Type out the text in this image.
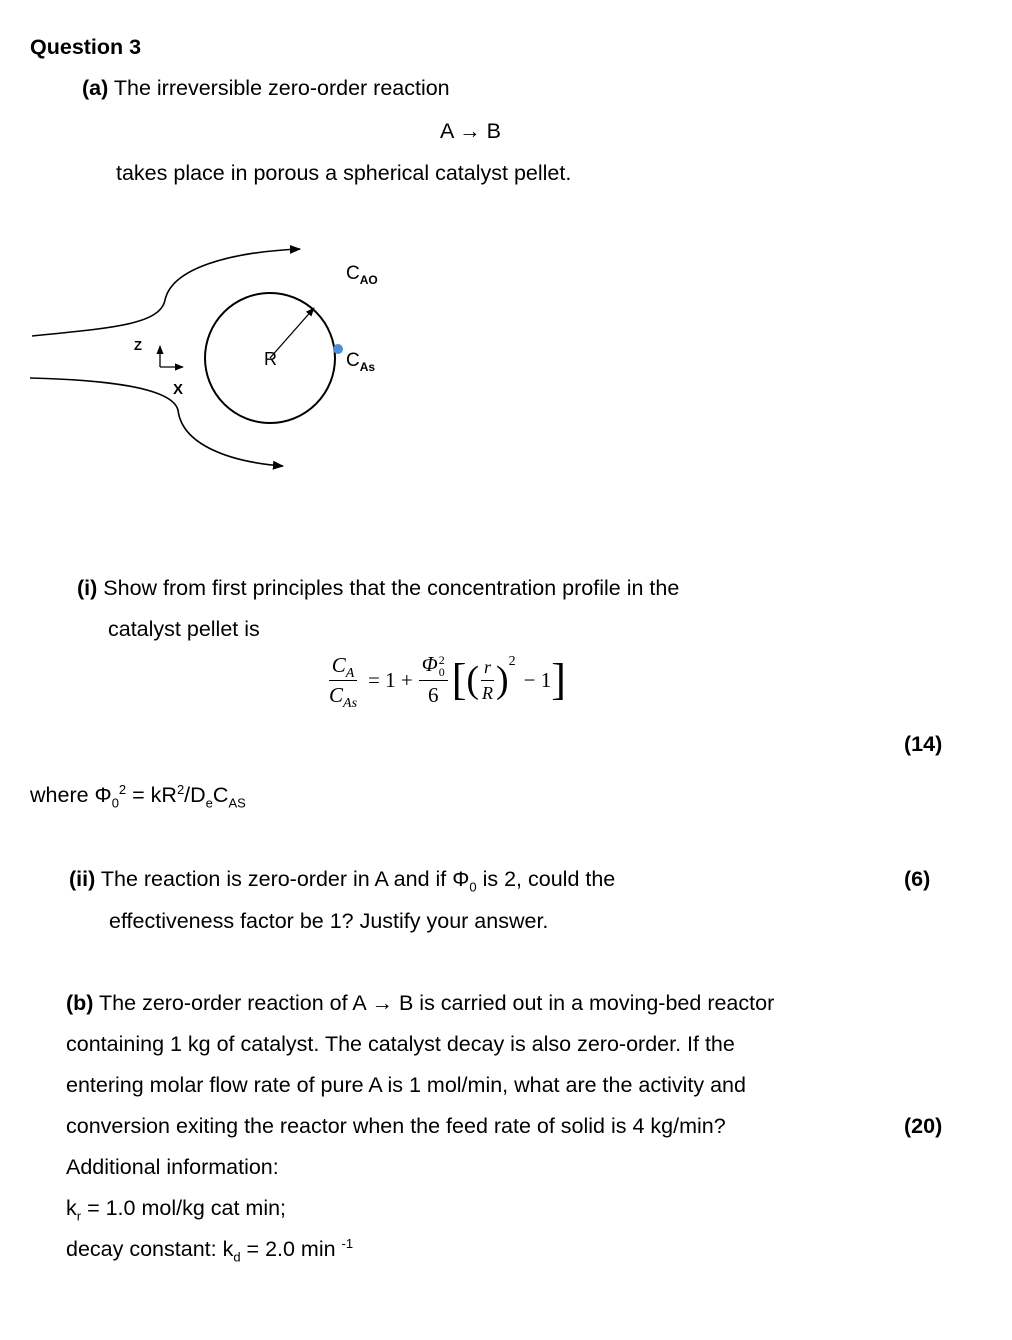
Question 3
(a) The irreversible zero-order reaction
A → B
takes place in porous a spherical catalyst pellet.
Z
X
R
$C_{AO}$
$C_{As}$
(i) Show from first principles that the concentration profile in the
catalyst pellet is
$\frac{C_A}{C_{As}} = 1 + \Phi$ 2
0
6 [ ( $\frac{r}{R}$ ) 2
− 1 ]
(14)
where $\Phi_0^2 = kR^2/D_eC_{AS}$
(ii) The reaction is zero-order in A and if $\Phi_0$ is 2, could the
effectiveness factor be 1? Justify your answer.
(6)
(b) The zero-order reaction of A → B is carried out in a moving-bed reactor
containing 1 kg of catalyst. The catalyst decay is also zero-order. If the
entering molar flow rate of pure A is 1 mol/min, what are the activity and
conversion exiting the reactor when the feed rate of solid is 4 kg/min?	(20)
Additional information:
$k_r = 1.0$ mol/kg cat min;
decay constant: $k_d = 2.0$ min $^{-1}$
